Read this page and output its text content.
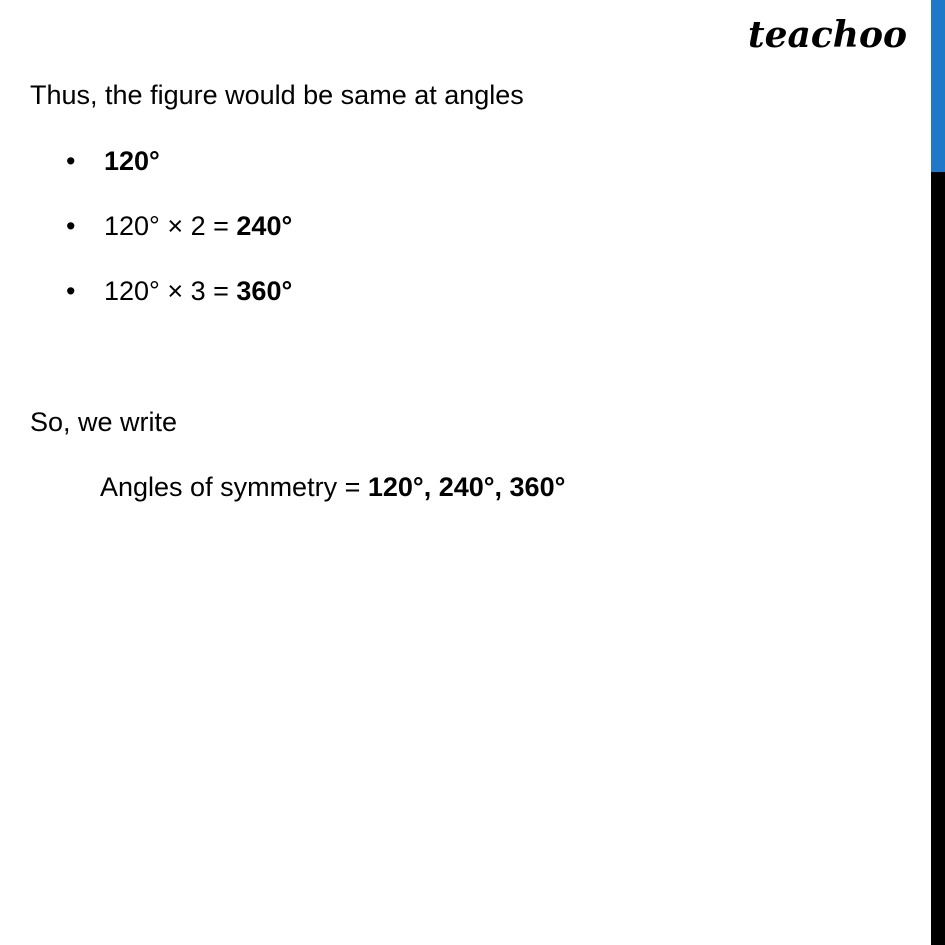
teachoo
Thus, the figure would be same at angles
• 120°
• 120° × 2 = 240°
• 120° × 3 = 360°
So, we write
Angles of symmetry = 120°, 240°, 360°
